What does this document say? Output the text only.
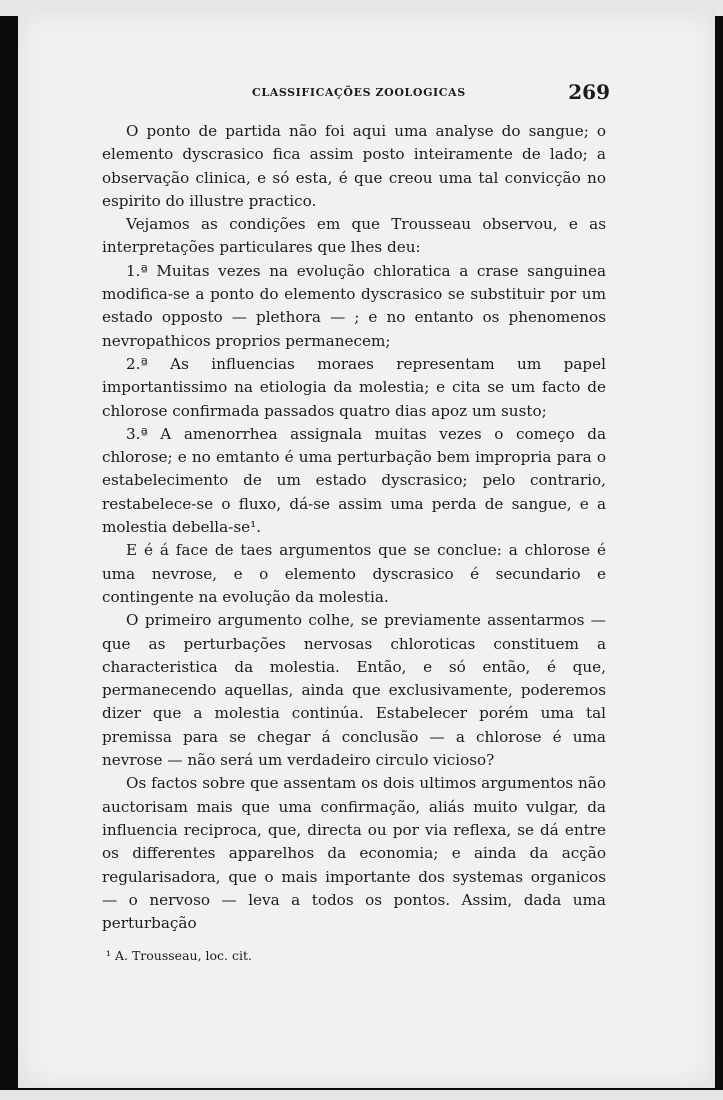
CLASSIFICAÇÕES ZOOLOGICAS	269

O ponto de partida não foi aqui uma analyse do sangue; o elemento dyscrasico fica assim posto inteiramente de lado; a observação clinica, e só esta, é que creou uma tal convicção no espirito do illustre practico.

Vejamos as condições em que Trousseau observou, e as interpretações particulares que lhes deu:

1.ª Muitas vezes na evolução chloratica a crase sanguinea modifica-se a ponto do elemento dyscrasico se substituir por um estado opposto — plethora — ; e no entanto os phenomenos nevropathicos proprios permanecem;

2.ª As influencias moraes representam um papel importantissimo na etiologia da molestia; e cita se um facto de chlorose confirmada passados quatro dias apoz um susto;

3.ª A amenorrhea assignala muitas vezes o começo da chlorose; e no emtanto é uma perturbação bem impropria para o estabelecimento de um estado dyscrasico; pelo contrario, restabelece-se o fluxo, dá-se assim uma perda de sangue, e a molestia debella-se¹.

E é á face de taes argumentos que se conclue: a chlorose é uma nevrose, e o elemento dyscrasico é secundario e contingente na evolução da molestia.

O primeiro argumento colhe, se previamente assentarmos — que as perturbações nervosas chloroticas constituem a characteristica da molestia. Então, e só então, é que, permanecendo aquellas, ainda que exclusivamente, poderemos dizer que a molestia continúa. Estabelecer porém uma tal premissa para se chegar á conclusão — a chlorose é uma nevrose — não será um verdadeiro circulo vicioso?

Os factos sobre que assentam os dois ultimos argumentos não auctorisam mais que uma confirmação, aliás muito vulgar, da influencia reciproca, que, directa ou por via reflexa, se dá entre os differentes apparelhos da economia; e ainda da acção regularisadora, que o mais importante dos systemas organicos — o nervoso — leva a todos os pontos. Assim, dada uma perturbação

¹ A. Trousseau, loc. cit.
